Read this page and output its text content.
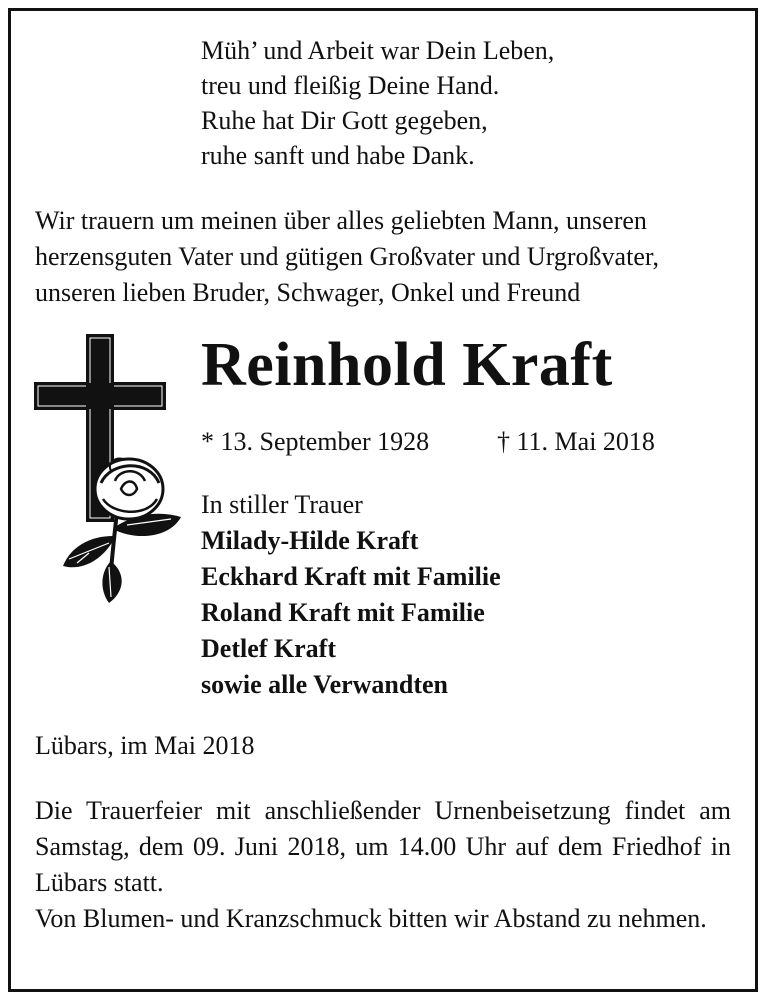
Müh’ und Arbeit war Dein Leben,
treu und fleißig Deine Hand.
Ruhe hat Dir Gott gegeben,
ruhe sanft und habe Dank.
Wir trauern um meinen über alles geliebten Mann, unseren
herzensguten Vater und gütigen Großvater und Urgroßvater,
unseren lieben Bruder, Schwager, Onkel und Freund
Reinhold Kraft
* 13. September 1928	† 11. Mai 2018
In stiller Trauer
Milady-Hilde Kraft
Eckhard Kraft mit Familie
Roland Kraft mit Familie
Detlef Kraft
sowie alle Verwandten
Lübars, im Mai 2018

Die Trauerfeier mit anschließender Urnenbeisetzung findet am Samstag, dem 09. Juni 2018, um 14.00 Uhr auf dem Friedhof in Lübars statt.

Von Blumen- und Kranzschmuck bitten wir Abstand zu nehmen.
